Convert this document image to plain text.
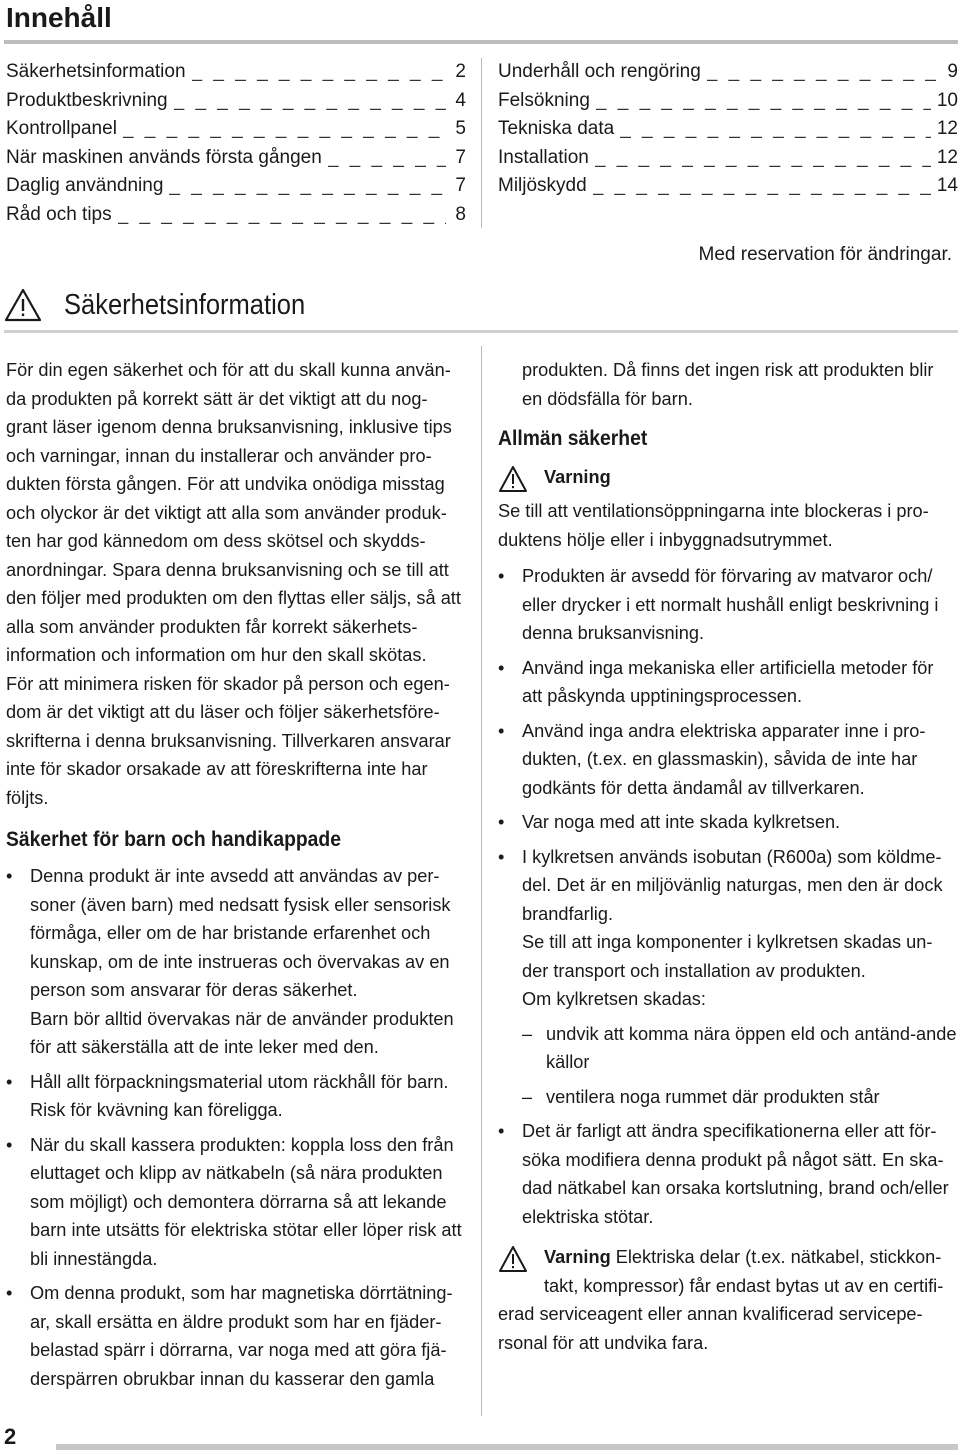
Innehåll
Säkerhetsinformation _ _ _	2
Produktbeskrivning _ _ _	4
Kontrollpanel _ _ _	5
När maskinen används första gången _ _ _	7
Daglig användning _ _ _	7
Råd och tips _ _ _	8
Underhåll och rengöring _ _ _	9
Felsökning _ _ _	10
Tekniska data _ _ _	12
Installation _ _ _	12
Miljöskydd _ _ _	14
Med reservation för ändringar.
Säkerhetsinformation

För din egen säkerhet och för att du skall kunna använ-da produkten på korrekt sätt är det viktigt att du nog-grant läser igenom denna bruksanvisning, inklusive tips och varningar, innan du installerar och använder pro-dukten första gången. För att undvika onödiga misstag och olyckor är det viktigt att alla som använder produk-ten har god kännedom om dess skötsel och skydds-anordningar. Spara denna bruksanvisning och se till att den följer med produkten om den flyttas eller säljs, så att alla som använder produkten får korrekt säkerhets-information och information om hur den skall skötas.

För att minimera risken för skador på person och egen-dom är det viktigt att du läser och följer säkerhetsföre-skrifterna i denna bruksanvisning. Tillverkaren ansvarar inte för skador orsakade av att föreskrifterna inte har följts.

Säkerhet för barn och handikappade
• Denna produkt är inte avsedd att användas av per-soner (även barn) med nedsatt fysisk eller sensorisk förmåga, eller om de har bristande erfarenhet och kunskap, om de inte instrueras och övervakas av en person som ansvarar för deras säkerhet.
Barn bör alltid övervakas när de använder produkten för att säkerställa att de inte leker med den.
• Håll allt förpackningsmaterial utom räckhåll för barn. Risk för kvävning kan föreligga.
• När du skall kassera produkten: koppla loss den från eluttaget och klipp av nätkabeln (så nära produkten som möjligt) och demontera dörrarna så att lekande barn inte utsätts för elektriska stötar eller löper risk att bli innestängda.
• Om denna produkt, som har magnetiska dörrtätning-ar, skall ersätta en äldre produkt som har en fjäder-belastad spärr i dörrarna, var noga med att göra fjä-derspärren obrukbar innan du kasserar den gamla

produkten. Då finns det ingen risk att produkten blir en dödsfälla för barn.

Allmän säkerhet
Varning

Se till att ventilationsöppningarna inte blockeras i pro-duktens hölje eller i inbyggnadsutrymmet.

• Produkten är avsedd för förvaring av matvaror och/ eller drycker i ett normalt hushåll enligt beskrivning i denna bruksanvisning.
• Använd inga mekaniska eller artificiella metoder för att påskynda upptiningsprocessen.
• Använd inga andra elektriska apparater inne i pro-dukten, (t.ex. en glassmaskin), såvida de inte har godkänts för detta ändamål av tillverkaren.
• Var noga med att inte skada kylkretsen.
• I kylkretsen används isobutan (R600a) som köldme-del. Det är en miljövänlig naturgas, men den är dock brandfarlig.
Se till att inga komponenter i kylkretsen skadas un-der transport och installation av produkten.
Om kylkretsen skadas:
– undvik att komma nära öppen eld och antänd-ande källor
– ventilera noga rummet där produkten står
• Det är farligt att ändra specifikationerna eller att för-söka modifiera denna produkt på något sätt. En ska-dad nätkabel kan orsaka kortslutning, brand och/eller elektriska stötar.
Varning Elektriska delar (t.ex. nätkabel, stickkon-takt, kompressor) får endast bytas ut av en certifi-erad serviceagent eller annan kvalificerad servicepe-rsonal för att undvika fara.
2
